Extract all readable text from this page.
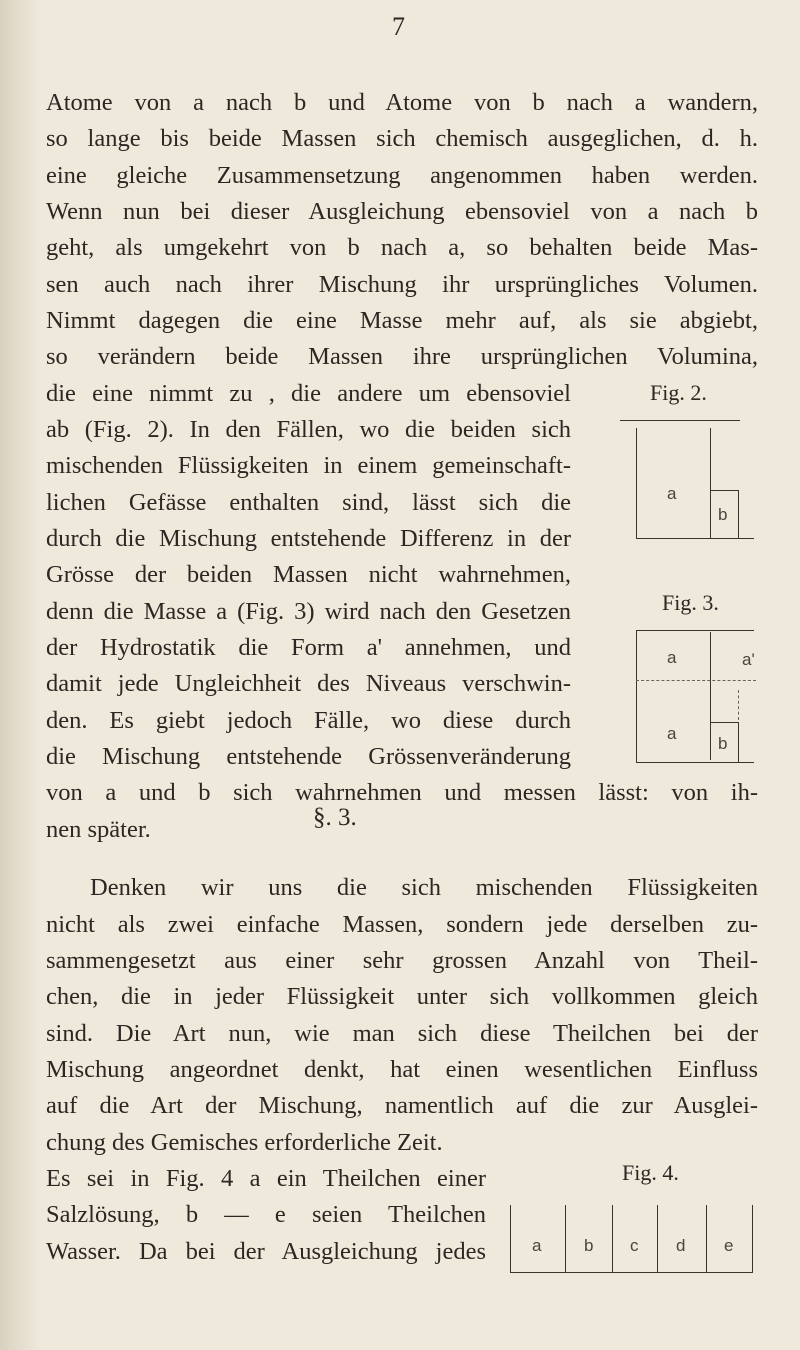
7
Atome von a nach b und Atome von b nach a wandern,
so lange bis beide Massen sich chemisch ausgeglichen, d. h.
eine gleiche Zusammensetzung angenommen haben werden.
Wenn nun bei dieser Ausgleichung ebensoviel von a nach b
geht, als umgekehrt von b nach a, so behalten beide Mas-
sen auch nach ihrer Mischung ihr ursprüngliches Volumen.
Nimmt dagegen die eine Masse mehr auf, als sie abgiebt,
so verändern beide Massen ihre ursprünglichen Volumina,
die eine nimmt zu , die andere um ebensoviel
ab (Fig. 2). In den Fällen, wo die beiden sich
mischenden Flüssigkeiten in einem gemeinschaft-
lichen Gefässe enthalten sind, lässt sich die
durch die Mischung entstehende Differenz in der
Grösse der beiden Massen nicht wahrnehmen,
denn die Masse a (Fig. 3) wird nach den Gesetzen
der Hydrostatik die Form a' annehmen, und
damit jede Ungleichheit des Niveaus verschwin-
den. Es giebt jedoch Fälle, wo diese durch
die Mischung entstehende Grössenveränderung
von a und b sich wahrnehmen und messen lässt: von ih-
nen später.
Fig. 2.
a
b
Fig. 3.
a	a'
a
b
§. 3.
Denken wir uns die sich mischenden Flüssigkeiten
nicht als zwei einfache Massen, sondern jede derselben zu-
sammengesetzt aus einer sehr grossen Anzahl von Theil-
chen, die in jeder Flüssigkeit unter sich vollkommen gleich
sind. Die Art nun, wie man sich diese Theilchen bei der
Mischung angeordnet denkt, hat einen wesentlichen Einfluss
auf die Art der Mischung, namentlich auf die zur Ausglei-
chung des Gemisches erforderliche Zeit.
Es sei in Fig. 4 a ein Theilchen einer
Salzlösung, b — e seien Theilchen
Wasser. Da bei der Ausgleichung jedes
Fig. 4.
a	b c d e
